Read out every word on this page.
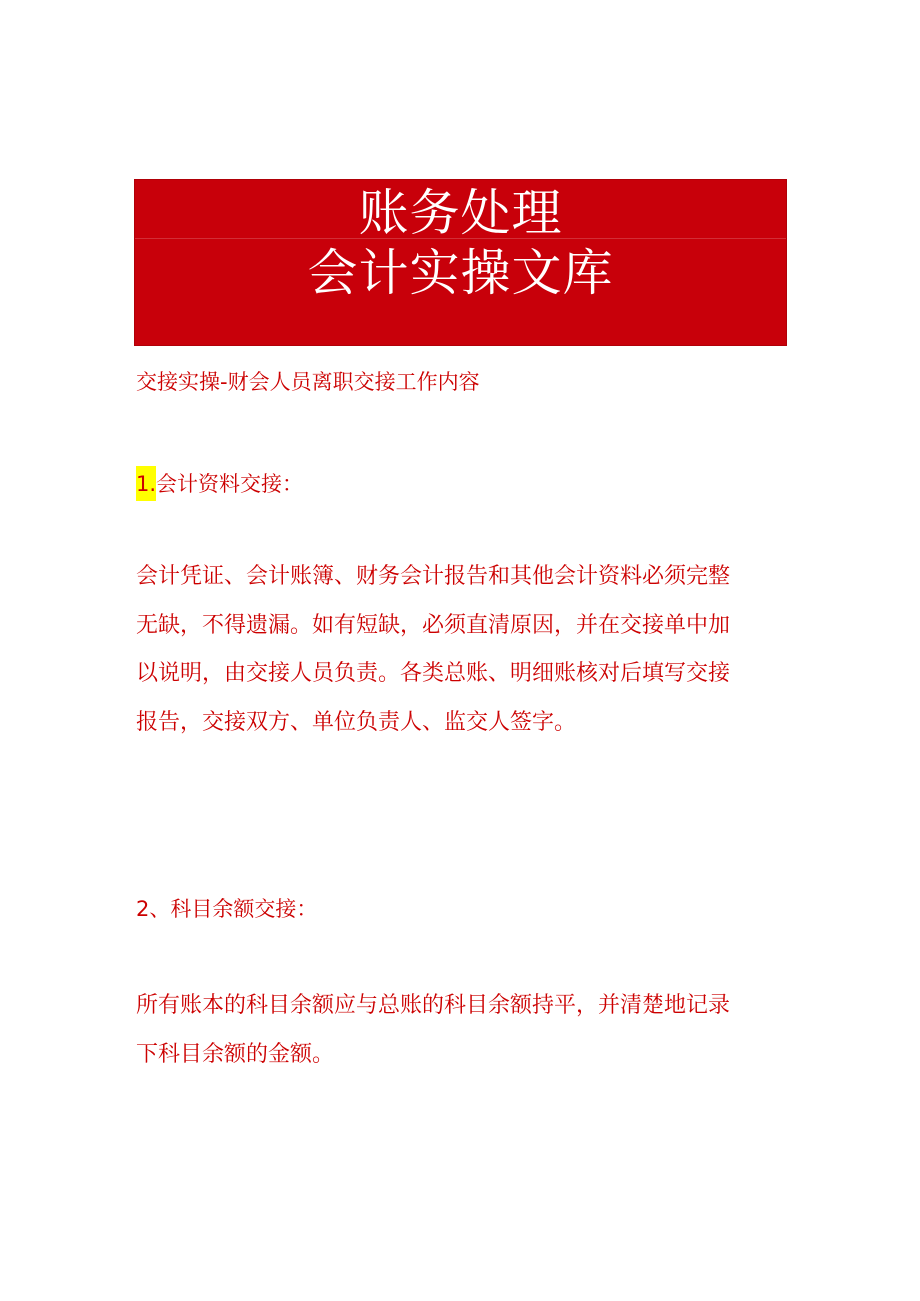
账务处理
会计实操文库
交接实操-财会人员离职交接工作内容
1.会计资料交接：

会计凭证、会计账簿、财务会计报告和其他会计资料必须完整
无缺，不得遗漏。如有短缺，必须直清原因，并在交接单中加
以说明，由交接人员负责。各类总账、明细账核对后填写交接
报告，交接双方、单位负责人、监交人签字。

2、科目余额交接：

所有账本的科目余额应与总账的科目余额持平，并清楚地记录
下科目余额的金额。
